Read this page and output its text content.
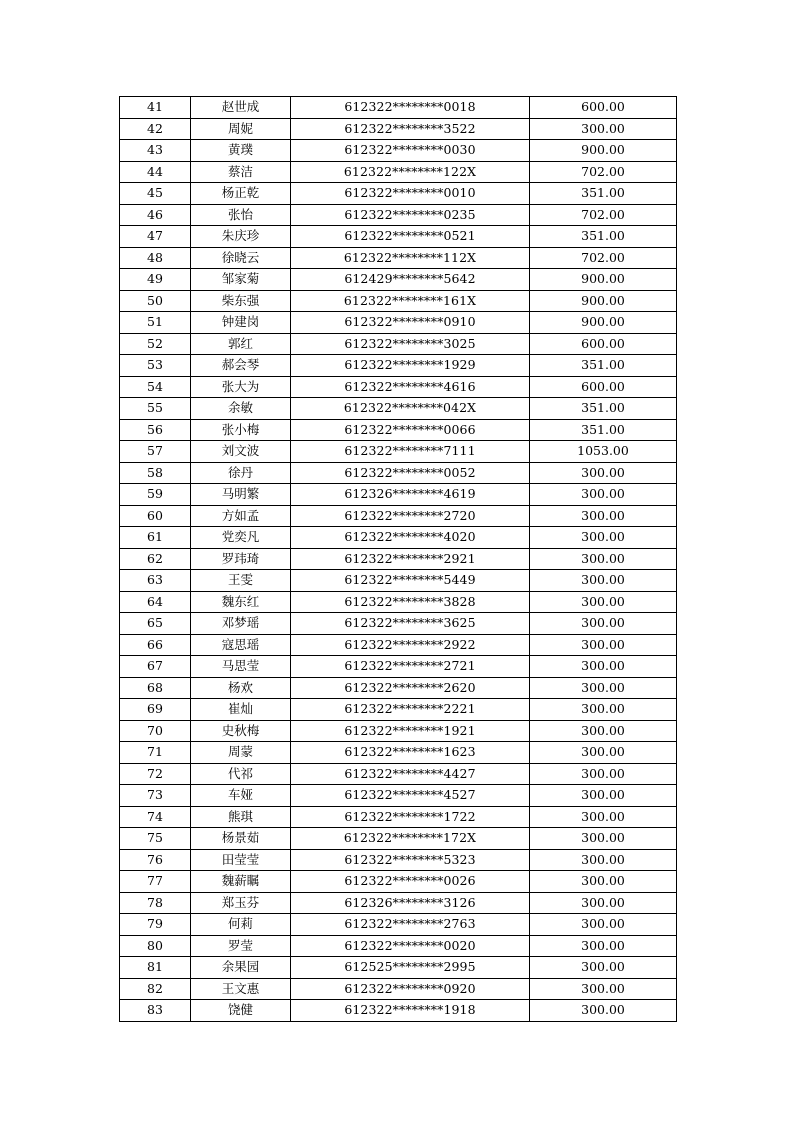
41	赵世成	612322********0018	600.00
42	周妮	612322********3522	300.00
43	黄璞	612322********0030	900.00
44	蔡洁	612322********122X	702.00
45	杨正乾	612322********0010	351.00
46	张怡	612322********0235	702.00
47	朱庆珍	612322********0521	351.00
48	徐晓云	612322********112X	702.00
49	邹家菊	612429********5642	900.00
50	柴东强	612322********161X	900.00
51	钟建岗	612322********0910	900.00
52	郭红	612322********3025	600.00
53	郝会琴	612322********1929	351.00
54	张大为	612322********4616	600.00
55	余敏	612322********042X	351.00
56	张小梅	612322********0066	351.00
57	刘文波	612322********7111	1053.00
58	徐丹	612322********0052	300.00
59	马明繁	612326********4619	300.00
60	方如孟	612322********2720	300.00
61	党奕凡	612322********4020	300.00
62	罗玮琦	612322********2921	300.00
63	王雯	612322********5449	300.00
64	魏东红	612322********3828	300.00
65	邓梦瑶	612322********3625	300.00
66	寇思瑶	612322********2922	300.00
67	马思莹	612322********2721	300.00
68	杨欢	612322********2620	300.00
69	崔灿	612322********2221	300.00
70	史秋梅	612322********1921	300.00
71	周蒙	612322********1623	300.00
72	代祁	612322********4427	300.00
73	车娅	612322********4527	300.00
74	熊琪	612322********1722	300.00
75	杨景茹	612322********172X	300.00
76	田莹莹	612322********5323	300.00
77	魏薪瞩	612322********0026	300.00
78	郑玉芬	612326********3126	300.00
79	何莉	612322********2763	300.00
80	罗莹	612322********0020	300.00
81	余果园	612525********2995	300.00
82	王文惠	612322********0920	300.00
83	饶健	612322********1918	300.00
